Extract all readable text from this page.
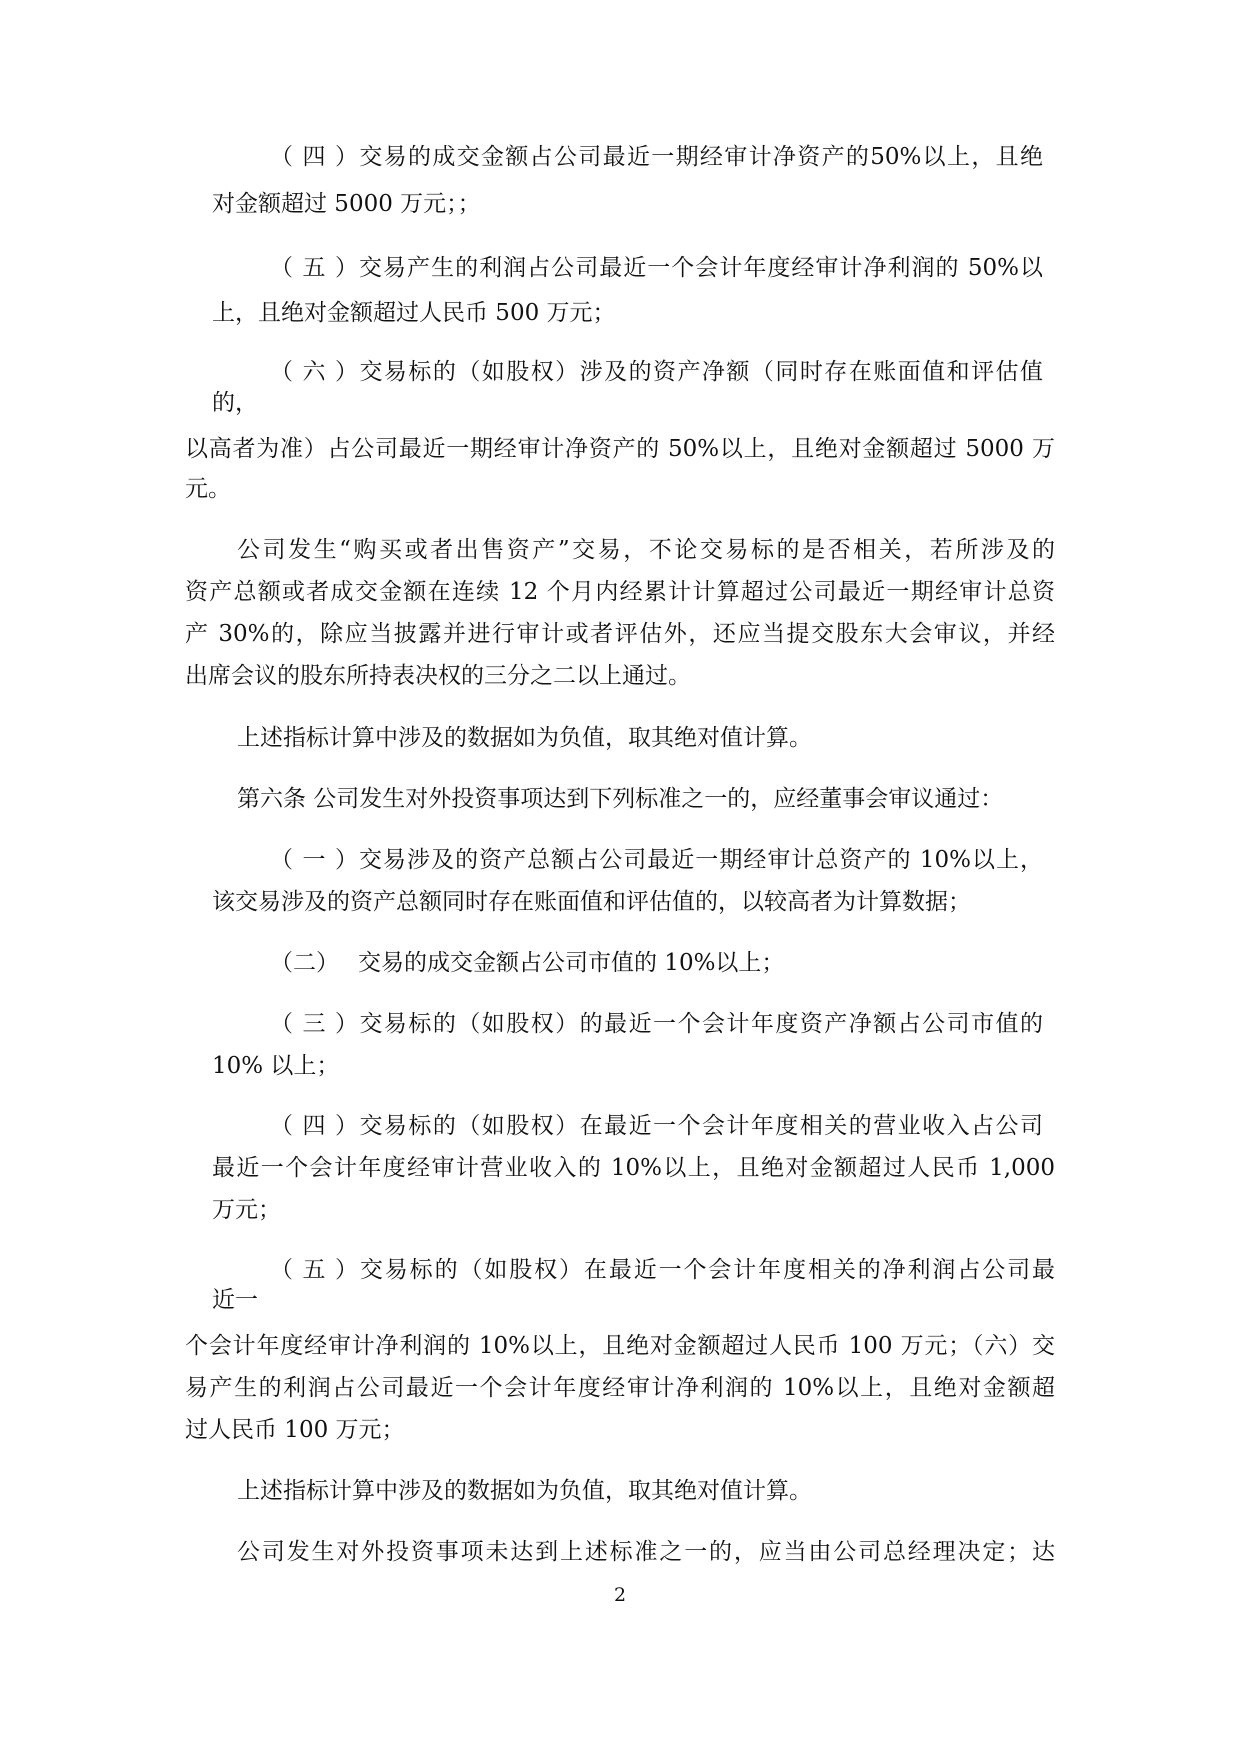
（四）交易的成交金额占公司最近一期经审计净资产的50%以上，且绝
对金额超过 5000 万元；；
（五）交易产生的利润占公司最近一个会计年度经审计净利润的 50%以
上，且绝对金额超过人民币 500 万元；
（六）交易标的（如股权）涉及的资产净额（同时存在账面值和评估值
的，
以高者为准）占公司最近一期经审计净资产的 50%以上，且绝对金额超过 5000 万
元。
公司发生“购买或者出售资产”交易，不论交易标的是否相关，若所涉及的
资产总额或者成交金额在连续 12 个月内经累计计算超过公司最近一期经审计总资
产 30%的，除应当披露并进行审计或者评估外，还应当提交股东大会审议，并经
出席会议的股东所持表决权的三分之二以上通过。
上述指标计算中涉及的数据如为负值，取其绝对值计算。
第六条 公司发生对外投资事项达到下列标准之一的，应经董事会审议通过：
（一）交易涉及的资产总额占公司最近一期经审计总资产的 10%以上，
该交易涉及的资产总额同时存在账面值和评估值的，以较高者为计算数据；
（二） 交易的成交金额占公司市值的 10%以上；
（三）交易标的（如股权）的最近一个会计年度资产净额占公司市值的
10% 以上；
（四）交易标的（如股权）在最近一个会计年度相关的营业收入占公司
最近一个会计年度经审计营业收入的 10%以上，且绝对金额超过人民币 1,000
万元；
（五）交易标的（如股权）在最近一个会计年度相关的净利润占公司最
近一
个会计年度经审计净利润的 10%以上，且绝对金额超过人民币 100 万元；（六）交
易产生的利润占公司最近一个会计年度经审计净利润的 10%以上，且绝对金额超
过人民币 100 万元；
上述指标计算中涉及的数据如为负值，取其绝对值计算。
公司发生对外投资事项未达到上述标准之一的，应当由公司总经理决定；达
2
